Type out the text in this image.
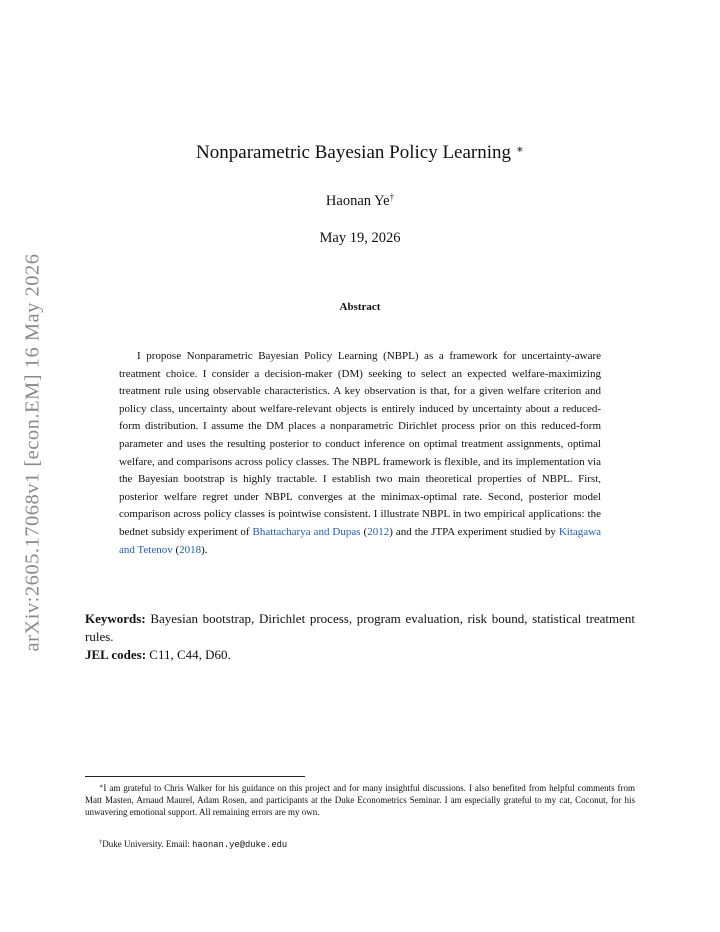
arXiv:2605.17068v1 [econ.EM] 16 May 2026
Nonparametric Bayesian Policy Learning ∗
Haonan Ye†
May 19, 2026
Abstract

I propose Nonparametric Bayesian Policy Learning (NBPL) as a framework for uncertainty-aware treatment choice. I consider a decision-maker (DM) seeking to select an expected welfare-maximizing treatment rule using observable characteristics. A key observation is that, for a given welfare criterion and policy class, uncertainty about welfare-relevant objects is entirely induced by uncertainty about a reduced-form distribution. I assume the DM places a nonparametric Dirichlet process prior on this reduced-form parameter and uses the resulting posterior to conduct inference on optimal treatment assignments, optimal welfare, and comparisons across policy classes. The NBPL framework is flexible, and its implementation via the Bayesian bootstrap is highly tractable. I establish two main theoretical properties of NBPL. First, posterior welfare regret under NBPL converges at the minimax-optimal rate. Second, posterior model comparison across policy classes is pointwise consistent. I illustrate NBPL in two empirical applications: the bednet subsidy experiment of Bhattacharya and Dupas (2012) and the JTPA experiment studied by Kitagawa and Tetenov (2018).

Keywords: Bayesian bootstrap, Dirichlet process, program evaluation, risk bound, statistical treatment rules.

JEL codes: C11, C44, D60.

∗I am grateful to Chris Walker for his guidance on this project and for many insightful discussions. I also benefited from helpful comments from Matt Masten, Arnaud Maurel, Adam Rosen, and participants at the Duke Econometrics Seminar. I am especially grateful to my cat, Coconut, for his unwavering emotional support. All remaining errors are my own.

†Duke University. Email: haonan.ye@duke.edu
